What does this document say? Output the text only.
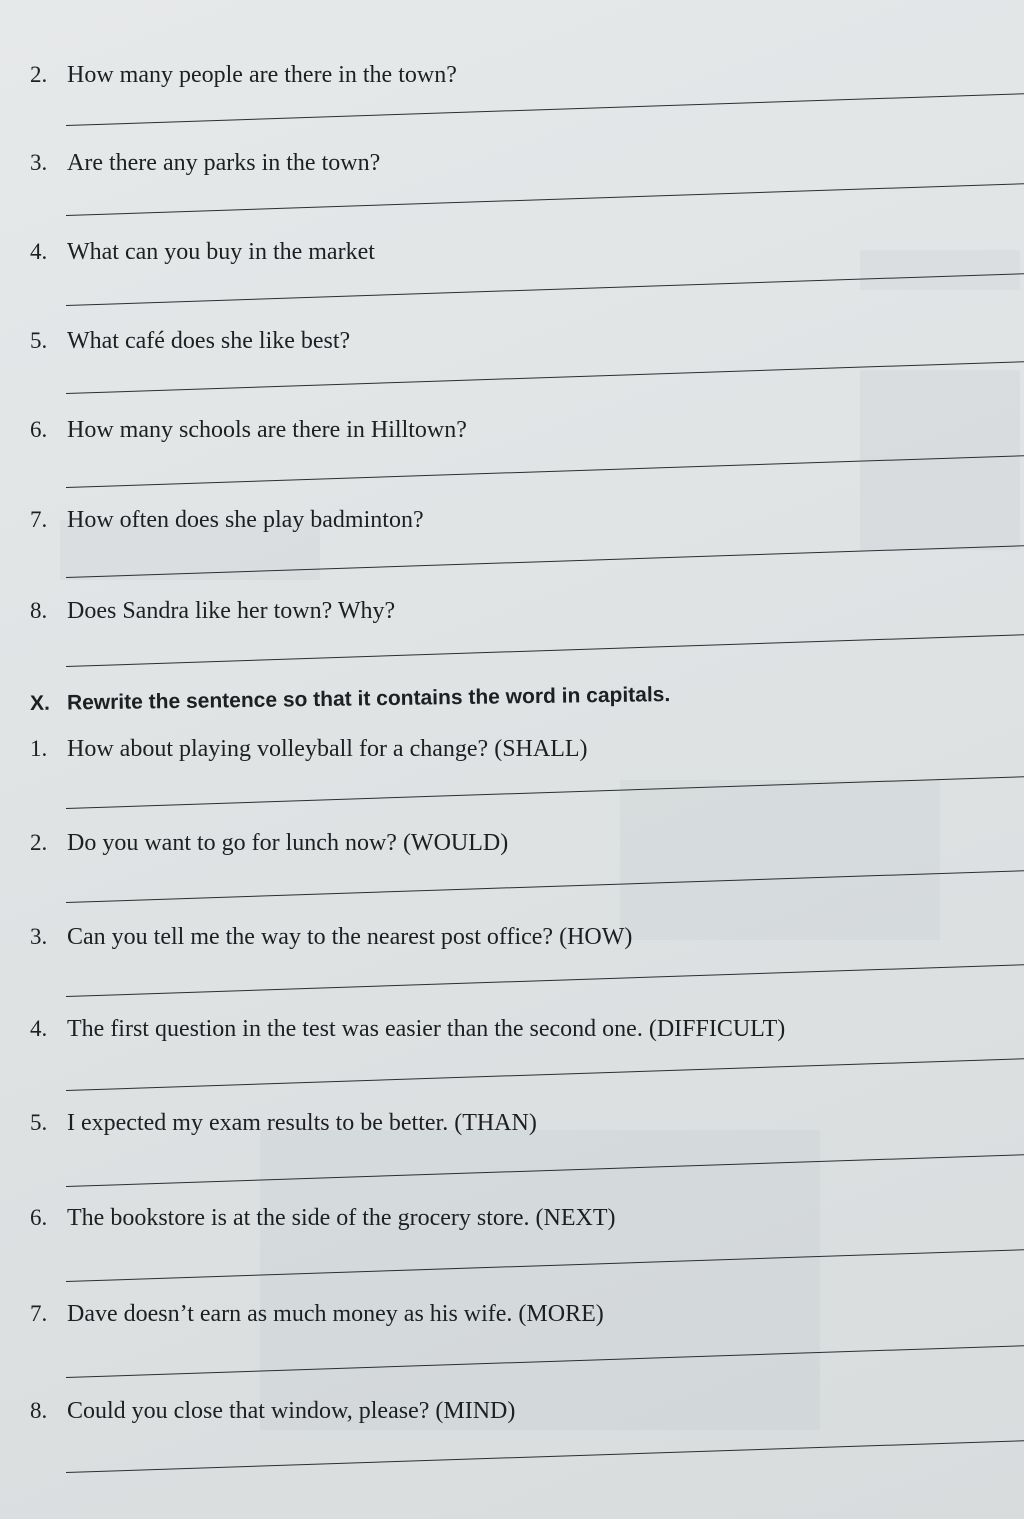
2. How many people are there in the town?
3. Are there any parks in the town?
4. What can you buy in the market
5. What café does she like best?
6. How many schools are there in Hilltown?
7. How often does she play badminton?
8. Does Sandra like her town? Why?
X. Rewrite the sentence so that it contains the word in capitals.
1. How about playing volleyball for a change? (SHALL)
2. Do you want to go for lunch now? (WOULD)
3. Can you tell me the way to the nearest post office? (HOW)
4. The first question in the test was easier than the second one. (DIFFICULT)
5. I expected my exam results to be better. (THAN)
6. The bookstore is at the side of the grocery store. (NEXT)
7. Dave doesn’t earn as much money as his wife. (MORE)
8. Could you close that window, please? (MIND)
